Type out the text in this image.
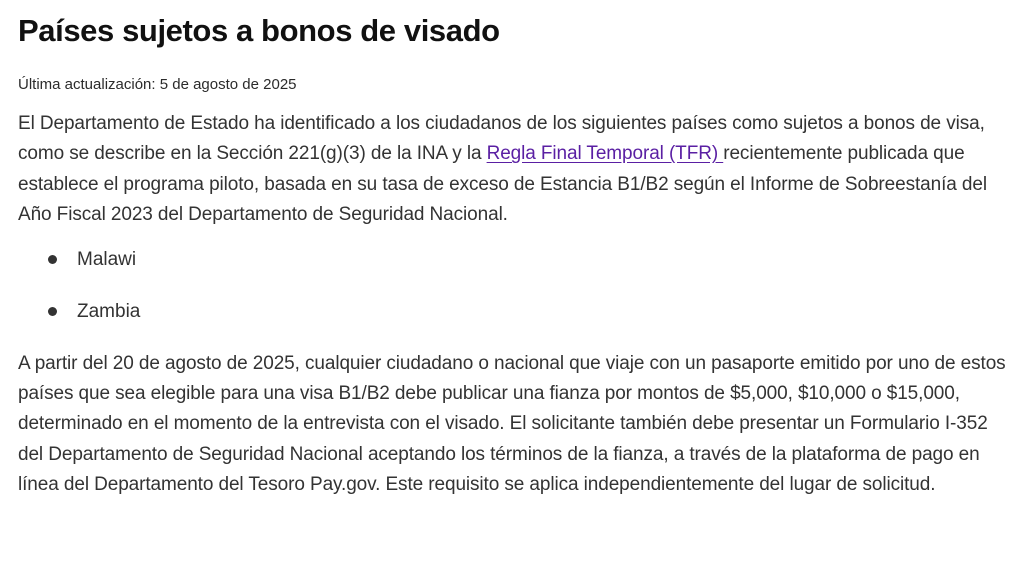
Países sujetos a bonos de visado

Última actualización: 5 de agosto de 2025

El Departamento de Estado ha identificado a los ciudadanos de los siguientes países como sujetos a bonos de visa, como se describe en la Sección 221(g)(3) de la INA y la Regla Final Temporal (TFR) recientemente publicada que establece el programa piloto, basada en su tasa de exceso de Estancia B1/B2 según el Informe de Sobreestanía del Año Fiscal 2023 del Departamento de Seguridad Nacional.

Malawi
Zambia

A partir del 20 de agosto de 2025, cualquier ciudadano o nacional que viaje con un pasaporte emitido por uno de estos países que sea elegible para una visa B1/B2 debe publicar una fianza por montos de $5,000, $10,000 o $15,000, determinado en el momento de la entrevista con el visado. El solicitante también debe presentar un Formulario I-352 del Departamento de Seguridad Nacional aceptando los términos de la fianza, a través de la plataforma de pago en línea del Departamento del Tesoro Pay.gov. Este requisito se aplica independientemente del lugar de solicitud.
